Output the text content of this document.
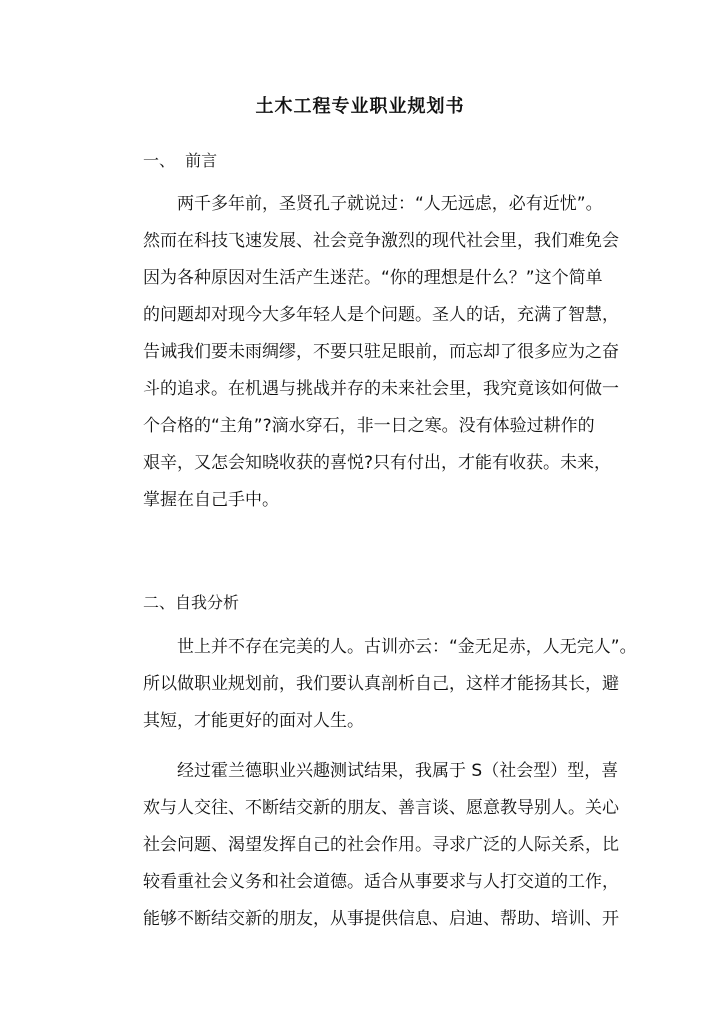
土木工程专业职业规划书
一、  前言
两千多年前，圣贤孔子就说过：“人无远虑，必有近忧”。
然而在科技飞速发展、社会竞争激烈的现代社会里，我们难免会
因为各种原因对生活产生迷茫。“你的理想是什么？”这个简单
的问题却对现今大多年轻人是个问题。圣人的话，充满了智慧，
告诫我们要未雨绸缪，不要只驻足眼前，而忘却了很多应为之奋
斗的追求。在机遇与挑战并存的未来社会里，我究竟该如何做一
个合格的“主角”?滴水穿石，非一日之寒。没有体验过耕作的
艰辛，又怎会知晓收获的喜悦?只有付出，才能有收获。未来，
掌握在自己手中。
二、自我分析
世上并不存在完美的人。古训亦云：“金无足赤，人无完人”。
所以做职业规划前，我们要认真剖析自己，这样才能扬其长，避
其短，才能更好的面对人生。
经过霍兰德职业兴趣测试结果，我属于 S（社会型）型，喜
欢与人交往、不断结交新的朋友、善言谈、愿意教导别人。关心
社会问题、渴望发挥自己的社会作用。寻求广泛的人际关系，比
较看重社会义务和社会道德。适合从事要求与人打交道的工作，
能够不断结交新的朋友，从事提供信息、启迪、帮助、培训、开
